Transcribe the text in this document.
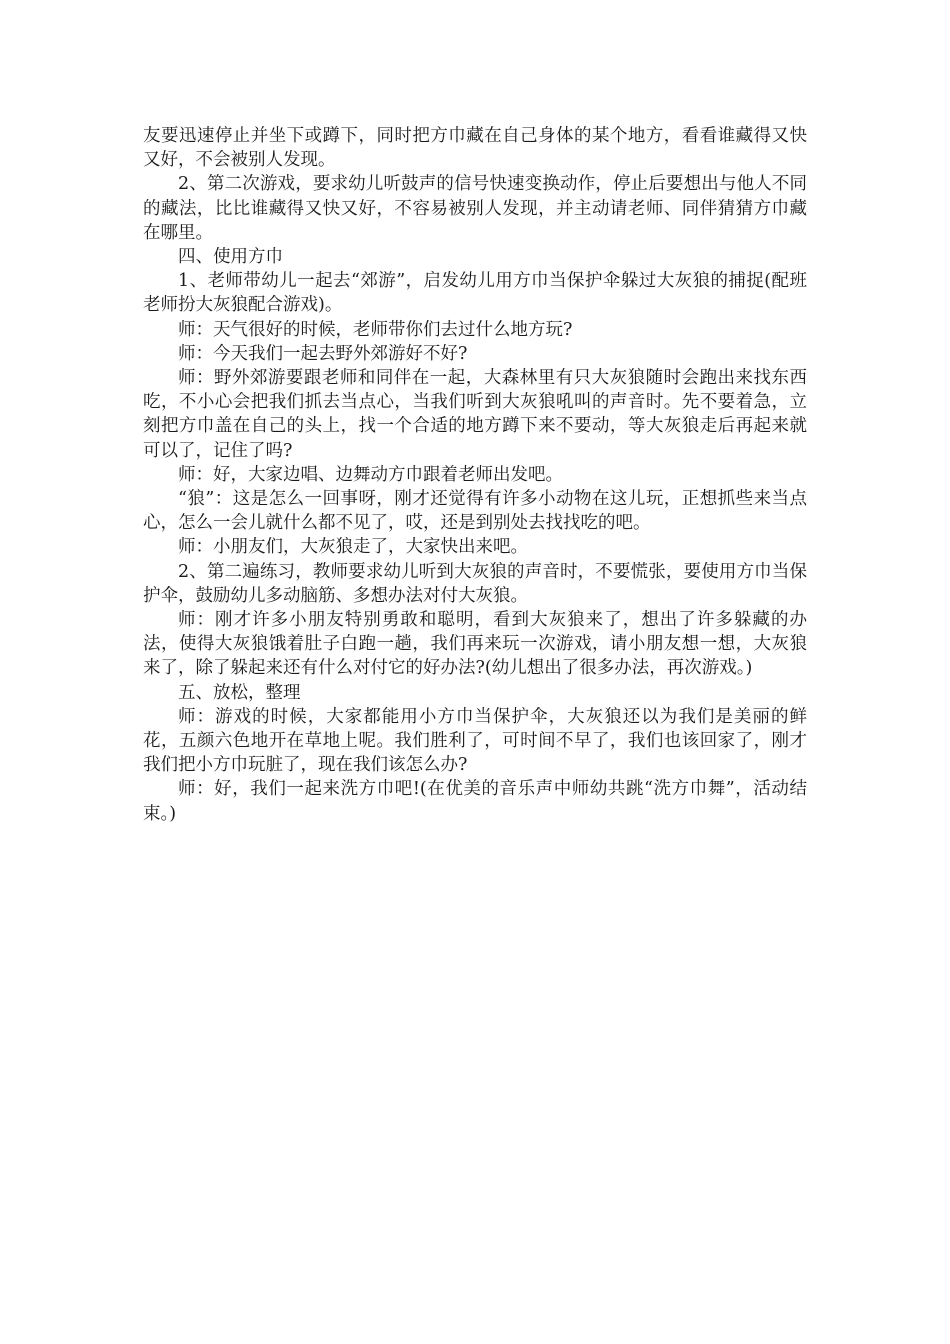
友要迅速停止并坐下或蹲下，同时把方巾藏在自己身体的某个地方，看看谁藏得又快又好，不会被别人发现。

2、第二次游戏，要求幼儿听鼓声的信号快速变换动作，停止后要想出与他人不同的藏法，比比谁藏得又快又好，不容易被别人发现，并主动请老师、同伴猜猜方巾藏在哪里。

四、使用方巾

1、老师带幼儿一起去“郊游”，启发幼儿用方巾当保护伞躲过大灰狼的捕捉(配班老师扮大灰狼配合游戏)。

师：天气很好的时候，老师带你们去过什么地方玩?

师：今天我们一起去野外郊游好不好?

师：野外郊游要跟老师和同伴在一起，大森林里有只大灰狼随时会跑出来找东西吃，不小心会把我们抓去当点心，当我们听到大灰狼吼叫的声音时。先不要着急，立刻把方巾盖在自己的头上，找一个合适的地方蹲下来不要动，等大灰狼走后再起来就可以了，记住了吗?

师：好，大家边唱、边舞动方巾跟着老师出发吧。

“狼”：这是怎么一回事呀，刚才还觉得有许多小动物在这儿玩，正想抓些来当点心，怎么一会儿就什么都不见了，哎，还是到别处去找找吃的吧。

师：小朋友们，大灰狼走了，大家快出来吧。

2、第二遍练习，教师要求幼儿听到大灰狼的声音时，不要慌张，要使用方巾当保护伞，鼓励幼儿多动脑筋、多想办法对付大灰狼。

师：刚才许多小朋友特别勇敢和聪明，看到大灰狼来了，想出了许多躲藏的办法，使得大灰狼饿着肚子白跑一趟，我们再来玩一次游戏，请小朋友想一想，大灰狼来了，除了躲起来还有什么对付它的好办法?(幼儿想出了很多办法，再次游戏。)

五、放松，整理

师：游戏的时候，大家都能用小方巾当保护伞，大灰狼还以为我们是美丽的鲜花，五颜六色地开在草地上呢。我们胜利了，可时间不早了，我们也该回家了，刚才我们把小方巾玩脏了，现在我们该怎么办?

师：好，我们一起来洗方巾吧!(在优美的音乐声中师幼共跳“洗方巾舞”，活动结束。)
